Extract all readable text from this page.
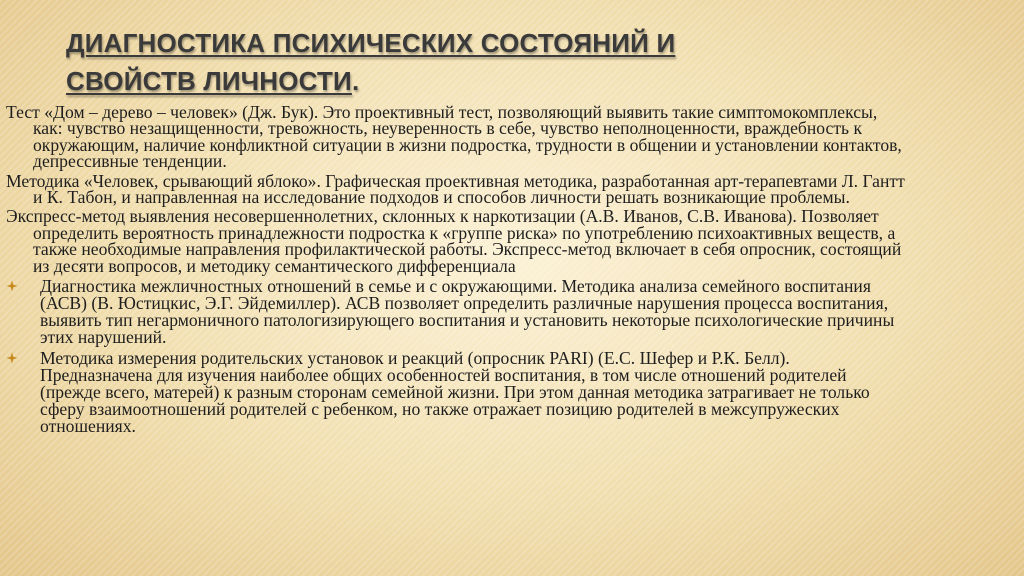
ДИАГНОСТИКА ПСИХИЧЕСКИХ СОСТОЯНИЙ И
СВОЙСТВ ЛИЧНОСТИ.

Тест «Дом – дерево – человек» (Дж. Бук). Это проективный тест, позволяющий выявить такие симптомокомплексы, как: чувство незащищенности, тревожность, неуверенность в себе, чувство неполноценности, враждебность к окружающим, наличие конфликтной ситуации в жизни подростка, трудности в общении и установлении контактов, депрессивные тенденции.

Методика «Человек, срывающий яблоко». Графическая проективная методика, разработанная арт-терапевтами Л. Гантт и К. Табон, и направленная на исследование подходов и способов личности решать возникающие проблемы.

Экспресс-метод выявления несовершеннолетних, склонных к наркотизации (А.В. Иванов, С.В. Иванова). Позволяет определить вероятность принадлежности подростка к «группе риска» по употреблению психоактивных веществ, а также необходимые направления профилактической работы. Экспресс-метод включает в себя опросник, состоящий из десяти вопросов, и методику семантического дифференциала

Диагностика межличностных отношений в семье и с окружающими. Методика анализа семейного воспитания (АСВ) (В. Юстицкис, Э.Г. Эйдемиллер). АСВ позволяет определить различные нарушения процесса воспитания, выявить тип негармоничного патологизирующего воспитания и установить некоторые психологические причины этих нарушений.
Методика измерения родительских установок и реакций (опросник PARI) (Е.С. Шефер и Р.К. Белл). Предназначена для изучения наиболее общих особенностей воспитания, в том числе отношений родителей (прежде всего, матерей) к разным сторонам семейной жизни. При этом данная методика затрагивает не только сферу взаимоотношений родителей с ребенком, но также отражает позицию родителей в межсупружеских отношениях.
